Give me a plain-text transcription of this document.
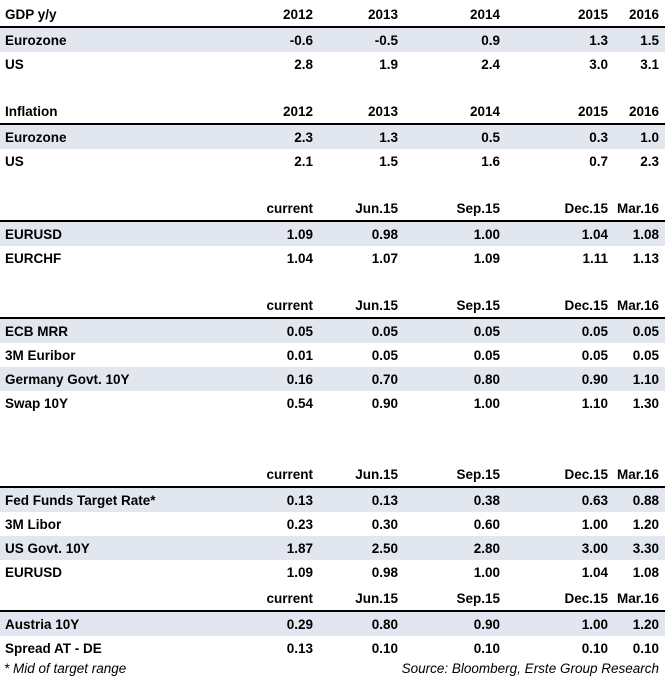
GDP y/y	2012	2013	2014	2015	2016
Eurozone	-0.6	-0.5	0.9	1.3	1.5
US	2.8	1.9	2.4	3.0	3.1
Inflation	2012	2013	2014	2015	2016
Eurozone	2.3	1.3	0.5	0.3	1.0
US	2.1	1.5	1.6	0.7	2.3
	current	Jun.15	Sep.15	Dec.15	Mar.16
EURUSD	1.09	0.98	1.00	1.04	1.08
EURCHF	1.04	1.07	1.09	1.11	1.13
	current	Jun.15	Sep.15	Dec.15	Mar.16
ECB MRR	0.05	0.05	0.05	0.05	0.05
3M Euribor	0.01	0.05	0.05	0.05	0.05
Germany Govt. 10Y	0.16	0.70	0.80	0.90	1.10
Swap 10Y	0.54	0.90	1.00	1.10	1.30
	current	Jun.15	Sep.15	Dec.15	Mar.16
Fed Funds Target Rate*	0.13	0.13	0.38	0.63	0.88
3M Libor	0.23	0.30	0.60	1.00	1.20
US Govt. 10Y	1.87	2.50	2.80	3.00	3.30
EURUSD	1.09	0.98	1.00	1.04	1.08
	current	Jun.15	Sep.15	Dec.15	Mar.16
Austria 10Y	0.29	0.80	0.90	1.00	1.20
Spread AT - DE	0.13	0.10	0.10	0.10	0.10
* Mid of target range	Source: Bloomberg, Erste Group Research
